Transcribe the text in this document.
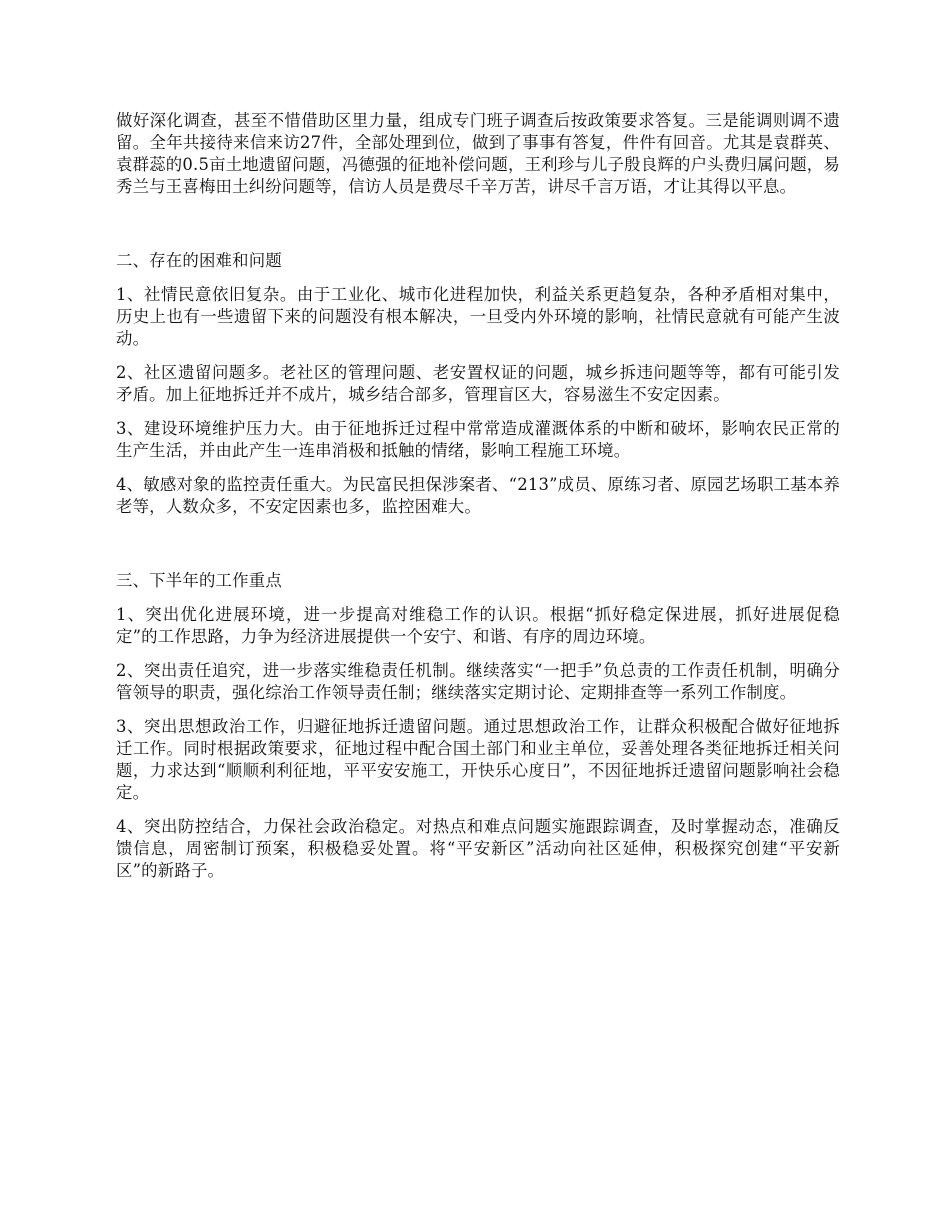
做好深化调查，甚至不惜借助区里力量，组成专门班子调查后按政策要求答复。三是能调则调不遗留。全年共接待来信来访27件，全部处理到位，做到了事事有答复，件件有回音。尤其是袁群英、袁群蕊的0.5亩土地遗留问题，冯德强的征地补偿问题，王利珍与儿子殷良辉的户头费归属问题，易秀兰与王喜梅田土纠纷问题等，信访人员是费尽千辛万苦，讲尽千言万语，才让其得以平息。

二、存在的困难和问题

1、社情民意依旧复杂。由于工业化、城市化进程加快，利益关系更趋复杂，各种矛盾相对集中，历史上也有一些遗留下来的问题没有根本解决，一旦受内外环境的影响，社情民意就有可能产生波动。

2、社区遗留问题多。老社区的管理问题、老安置权证的问题，城乡拆违问题等等，都有可能引发矛盾。加上征地拆迁并不成片，城乡结合部多，管理盲区大，容易滋生不安定因素。

3、建设环境维护压力大。由于征地拆迁过程中常常造成灌溉体系的中断和破坏，影响农民正常的生产生活，并由此产生一连串消极和抵触的情绪，影响工程施工环境。

4、敏感对象的监控责任重大。为民富民担保涉案者、“213”成员、原练习者、原园艺场职工基本养老等，人数众多，不安定因素也多，监控困难大。

三、下半年的工作重点

1、突出优化进展环境，进一步提高对维稳工作的认识。根据“抓好稳定保进展，抓好进展促稳定”的工作思路，力争为经济进展提供一个安宁、和谐、有序的周边环境。

2、突出责任追究，进一步落实维稳责任机制。继续落实“一把手”负总责的工作责任机制，明确分管领导的职责，强化综治工作领导责任制；继续落实定期讨论、定期排查等一系列工作制度。

3、突出思想政治工作，归避征地拆迁遗留问题。通过思想政治工作，让群众积极配合做好征地拆迁工作。同时根据政策要求，征地过程中配合国土部门和业主单位，妥善处理各类征地拆迁相关问题，力求达到“顺顺利利征地，平平安安施工，开快乐心度日”，不因征地拆迁遗留问题影响社会稳定。

4、突出防控结合，力保社会政治稳定。对热点和难点问题实施跟踪调查，及时掌握动态，准确反馈信息，周密制订预案，积极稳妥处置。将“平安新区”活动向社区延伸，积极探究创建“平安新区”的新路子。
